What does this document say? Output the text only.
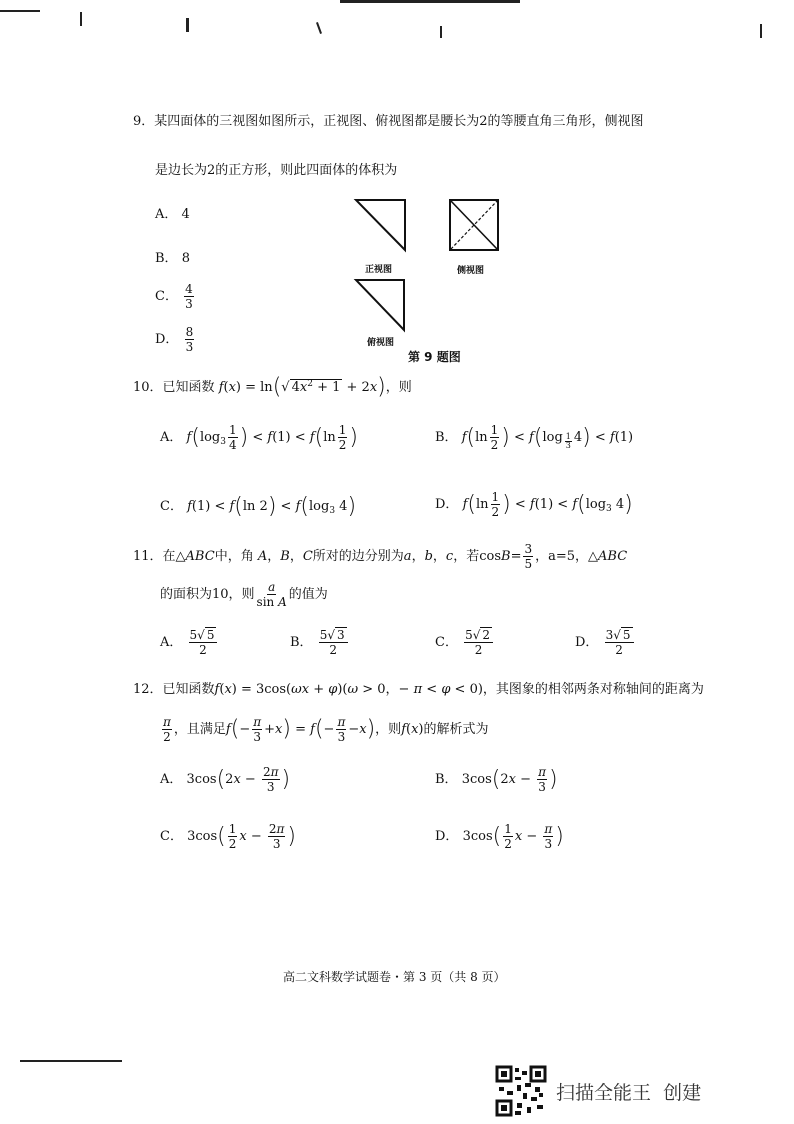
9．某四面体的三视图如图所示，正视图、俯视图都是腰长为2的等腰直角三角形，侧视图
是边长为2的正方形，则此四面体的体积为
A． 4
B． 8
C． $\frac{4}{3}$
D． $\frac{8}{3}$
正视图	侧视图
俯视图
第 9 题图
10．已知函数 f(x) = ln(√ $4x^2 + 1 + 2x$)，则
A． $f(\log_3 \frac{1}{4}$ ) < $f(1) < f(\ln \frac{1}{2}$ )	B． $f(\ln \frac{1}{2}$ ) < f(log $_{\frac{1}{3}}$ 4) < f(1)
C． f(1) < f(ln $2) < f(\log_3$ 4)	D． $f(\ln \frac{1}{2}$ ) < $f(1) < f(\log_3$ 4)
11．在△ABC中，角 A，B，C所对的边分别为a，b，c，若$\cos B= \frac{3}{5}$ ，a=5，△ABC
的面积为10，则 $\frac{a}{\text{sin A}}$ 的值为
A． $\frac{5√ 5}{2}$	B． $\frac{5√ 3}{2}$	C． $\frac{5√ 2}{2}$	D． $\frac{3√ 5}{2}$
12．已知函数f(x) = 3cos(ωx + φ)(ω > 0，− π < φ < 0)，其图象的相邻两条对称轴间的距离为
$\frac{\pi}{2}$ ，且满足$f(- \frac{\pi}{3} +x) = f(- \frac{\pi}{3} -x)$，则f(x)的解析式为
A． $3\cos(2x - \frac{2\pi}{3}$ )	B． $3\cos(2x - \frac{\pi}{3}$ )
C． $3\cos( \frac{1}{2}$ $x - \frac{2\pi}{3}$ )	D． $3\cos( \frac{1}{2}$ $x - \frac{\pi}{3}$ )
高二文科数学试题卷・第 3 页（共 8 页）
扫描全能王  创建
